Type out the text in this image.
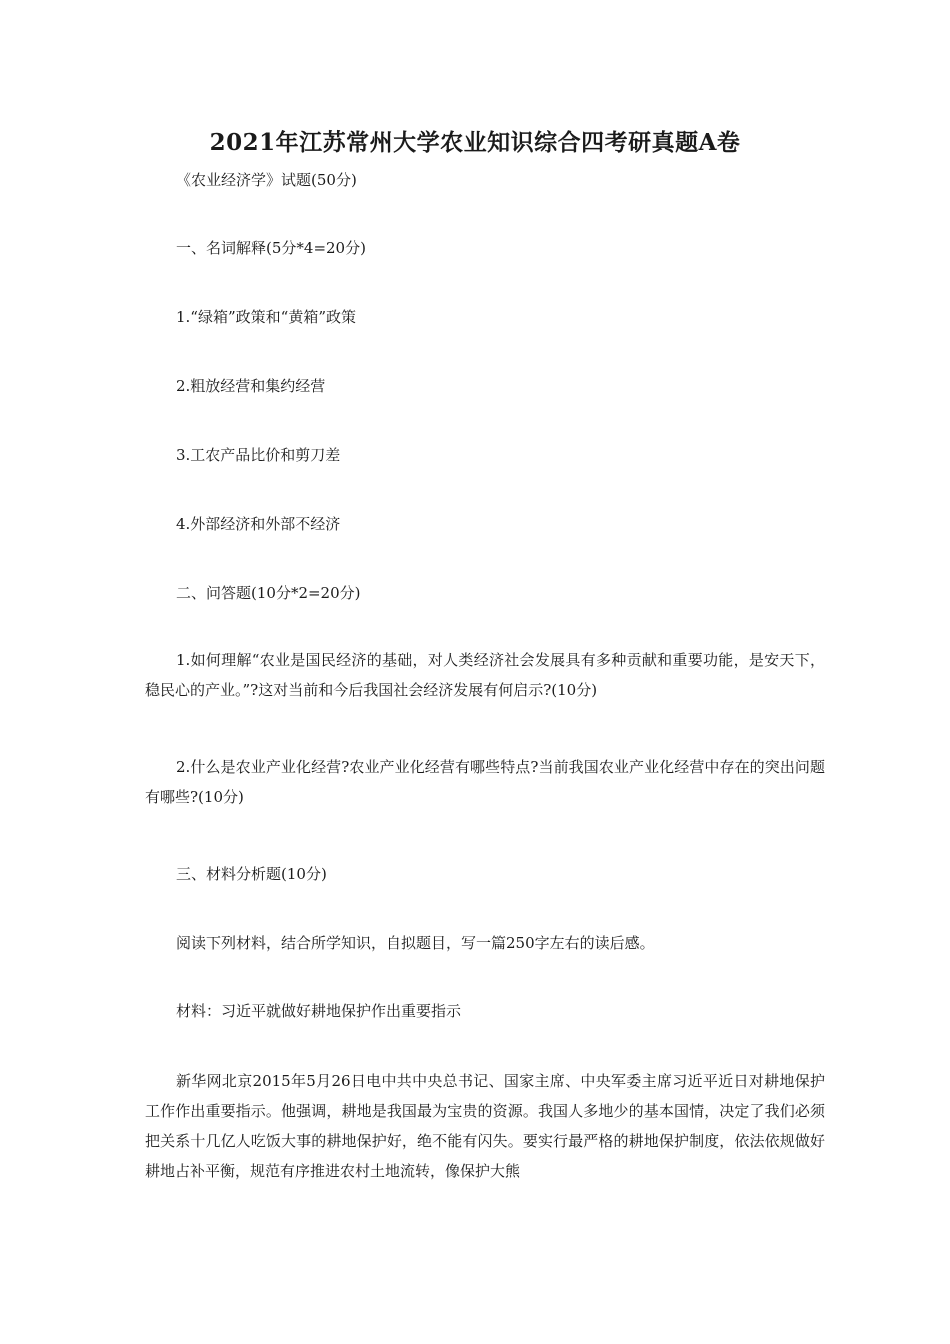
2021年江苏常州大学农业知识综合四考研真题A卷
《农业经济学》试题(50分)
一、名词解释(5分*4=20分)
1.“绿箱”政策和“黄箱”政策
2.粗放经营和集约经营
3.工农产品比价和剪刀差
4.外部经济和外部不经济
二、问答题(10分*2=20分)
1.如何理解“农业是国民经济的基础，对人类经济社会发展具有多种贡献和重要功能，是安天下，稳民心的产业。”?这对当前和今后我国社会经济发展有何启示?(10分)
2.什么是农业产业化经营?农业产业化经营有哪些特点?当前我国农业产业化经营中存在的突出问题有哪些?(10分)
三、材料分析题(10分)
阅读下列材料，结合所学知识，自拟题目，写一篇250字左右的读后感。
材料：习近平就做好耕地保护作出重要指示
新华网北京2015年5月26日电中共中央总书记、国家主席、中央军委主席习近平近日对耕地保护工作作出重要指示。他强调，耕地是我国最为宝贵的资源。我国人多地少的基本国情，决定了我们必须把关系十几亿人吃饭大事的耕地保护好，绝不能有闪失。要实行最严格的耕地保护制度，依法依规做好耕地占补平衡，规范有序推进农村土地流转，像保护大熊
